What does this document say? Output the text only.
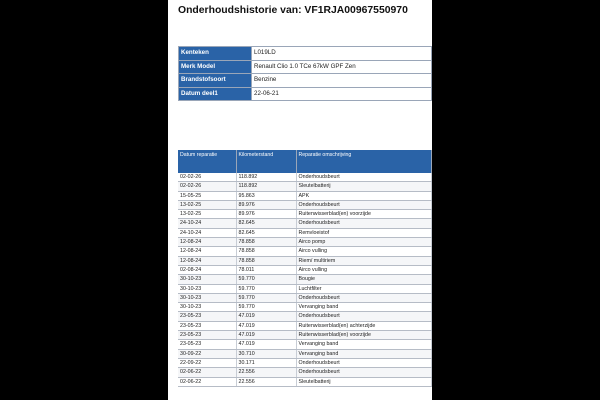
Onderhoudshistorie van: VF1RJA00967550970
Kenteken	L019LD
Merk Model	Renault Clio 1.0 TCe 67kW GPF Zen
Brandstofsoort	Benzine
Datum deel1	22-06-21
Datum reparatie	Kilometerstand	Reparatie omschrijving
02-02-26	118.892	Onderhoudsbeurt
02-02-26	118.892	Sleutelbatterij
15-05-25	95.863	APK
13-02-25	89.976	Onderhoudsbeurt
13-02-25	89.976	Ruitenwisserblad(en) voorzijde
24-10-24	82.645	Onderhoudsbeurt
24-10-24	82.645	Remvloeistof
12-08-24	78.858	Airco pomp
12-08-24	78.858	Airco vulling
12-08-24	78.858	Riem/ multiriem
02-08-24	78.011	Airco vulling
30-10-23	59.770	Bougie
30-10-23	59.770	Luchtfilter
30-10-23	59.770	Onderhoudsbeurt
30-10-23	59.770	Vervanging band
23-05-23	47.019	Onderhoudsbeurt
23-05-23	47.019	Ruitenwisserblad(en) achterzijde
23-05-23	47.019	Ruitenwisserblad(en) voorzijde
23-05-23	47.019	Vervanging band
30-09-22	30.710	Vervanging band
22-09-22	30.171	Onderhoudsbeurt
02-06-22	22.556	Onderhoudsbeurt
02-06-22	22.556	Sleutelbatterij
